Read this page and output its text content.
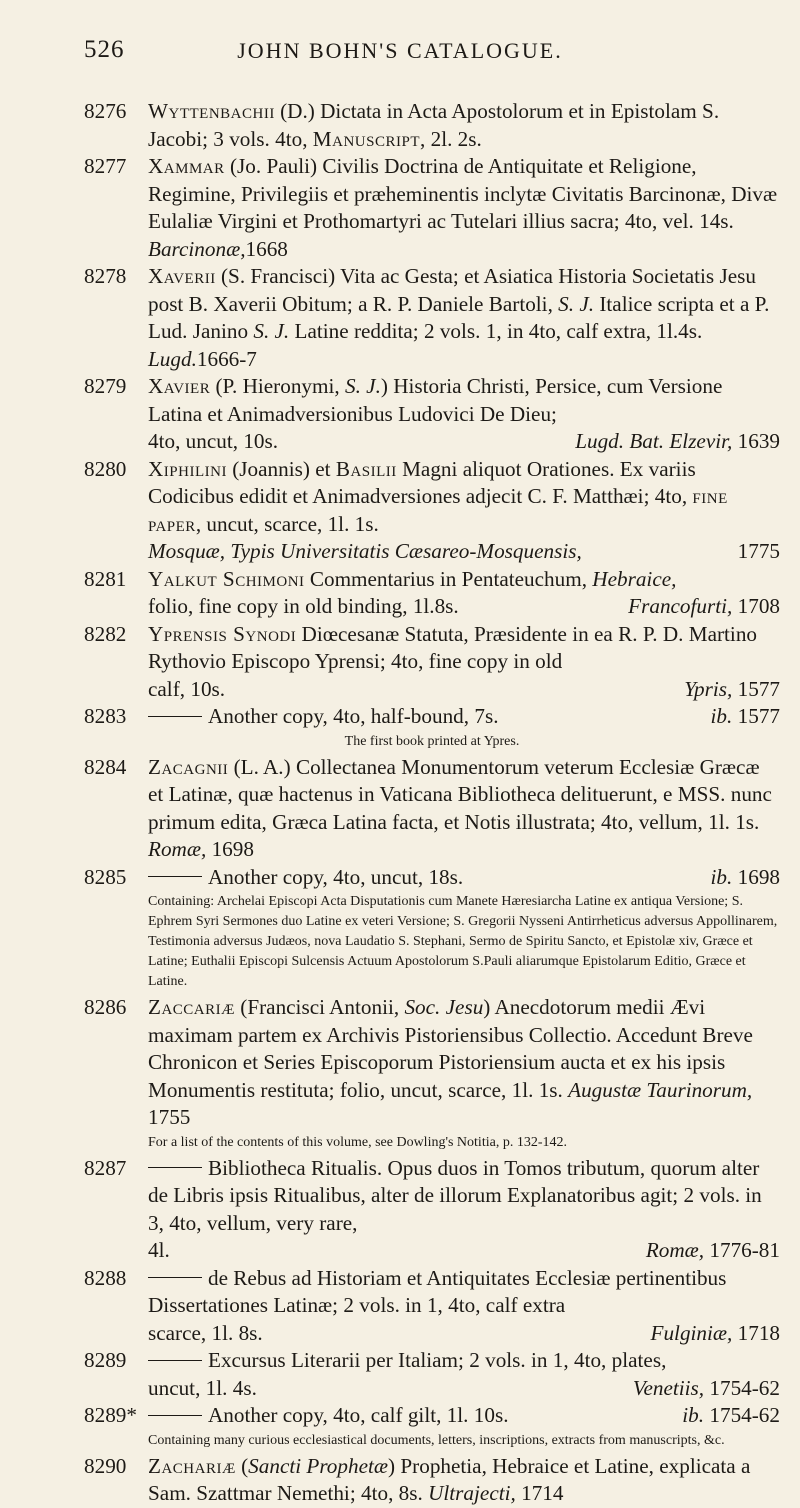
526	JOHN BOHN'S CATALOGUE.
8276	Wyttenbachii (D.) Dictata in Acta Apostolorum et in Epistolam S. Jacobi; 3 vols. 4to, Manuscript, 2l. 2s.
8277	Xammar (Jo. Pauli) Civilis Doctrina de Antiquitate et Religione, Regimine, Privilegiis et præheminentis inclytæ Civitatis Barcinonæ, Divæ Eulaliæ Virgini et Prothomartyri ac Tutelari illius sacra; 4to, vel. 14s. Barcinonæ,1668
8278	Xaverii (S. Francisci) Vita ac Gesta; et Asiatica Historia Societatis Jesu post B. Xaverii Obitum; a R. P. Daniele Bartoli, S. J. Italice scripta et a P. Lud. Janino S. J. Latine reddita; 2 vols. 1, in 4to, calf extra, 1l.4s. Lugd.1666-7
8279	Xavier (P. Hieronymi, S. J.) Historia Christi, Persice, cum Versione Latina et Animadversionibus Ludovici De Dieu;
4to, uncut, 10s.	Lugd. Bat. Elzevir, 1639
8280	Xiphilini (Joannis) et Basilii Magni aliquot Orationes. Ex variis Codicibus edidit et Animadversiones adjecit C. F. Matthæi; 4to, fine paper, uncut, scarce, 1l. 1s.
Mosquæ, Typis Universitatis Cæsareo-Mosquensis,	1775
8281	Yalkut Schimoni Commentarius in Pentateuchum, Hebraice,
folio, fine copy in old binding, 1l.8s.	Francofurti, 1708
8282	Yprensis Synodi Diœcesanæ Statuta, Præsidente in ea R. P. D. Martino Rythovio Episcopo Yprensi; 4to, fine copy in old
calf, 10s.	Ypris, 1577
8283	Another copy, 4to, half-bound, 7s.	ib. 1577
The first book printed at Ypres.
8284	Zacagnii (L. A.) Collectanea Monumentorum veterum Ecclesiæ Græcæ et Latinæ, quæ hactenus in Vaticana Bibliotheca delituerunt, e MSS. nunc primum edita, Græca Latina facta, et Notis illustrata; 4to, vellum, 1l. 1s. Romæ, 1698
8285	Another copy, 4to, uncut, 18s.	ib. 1698
Containing: Archelai Episcopi Acta Disputationis cum Manete Hæresiarcha Latine ex antiqua Versione; S. Ephrem Syri Sermones duo Latine ex veteri Versione; S. Gregorii Nysseni Antirrheticus adversus Appollinarem, Testimonia adversus Judæos, nova Laudatio S. Stephani, Sermo de Spiritu Sancto, et Epistolæ xiv, Græce et Latine; Euthalii Episcopi Sulcensis Actuum Apostolorum S.Pauli aliarumque Epistolarum Editio, Græce et Latine.
8286	Zaccariæ (Francisci Antonii, Soc. Jesu) Anecdotorum medii Ævi maximam partem ex Archivis Pistoriensibus Collectio. Accedunt Breve Chronicon et Series Episcoporum Pistoriensium aucta et ex his ipsis Monumentis restituta; folio, uncut, scarce, 1l. 1s. Augustæ Taurinorum, 1755
For a list of the contents of this volume, see Dowling's Notitia, p. 132-142.
8287	Bibliotheca Ritualis. Opus duos in Tomos tributum, quorum alter de Libris ipsis Ritualibus, alter de illorum Explanatoribus agit; 2 vols. in 3, 4to, vellum, very rare,
4l.	Romæ, 1776-81
8288	de Rebus ad Historiam et Antiquitates Ecclesiæ pertinentibus Dissertationes Latinæ; 2 vols. in 1, 4to, calf extra
scarce, 1l. 8s.	Fulginiæ, 1718
8289	Excursus Literarii per Italiam; 2 vols. in 1, 4to, plates,
uncut, 1l. 4s.	Venetiis, 1754-62
8289*	Another copy, 4to, calf gilt, 1l. 10s.	ib. 1754-62
Containing many curious ecclesiastical documents, letters, inscriptions, extracts from manuscripts, &c.
8290	Zachariæ (Sancti Prophetæ) Prophetia, Hebraice et Latine, explicata a Sam. Szattmar Nemethi; 4to, 8s. Ultrajecti, 1714
